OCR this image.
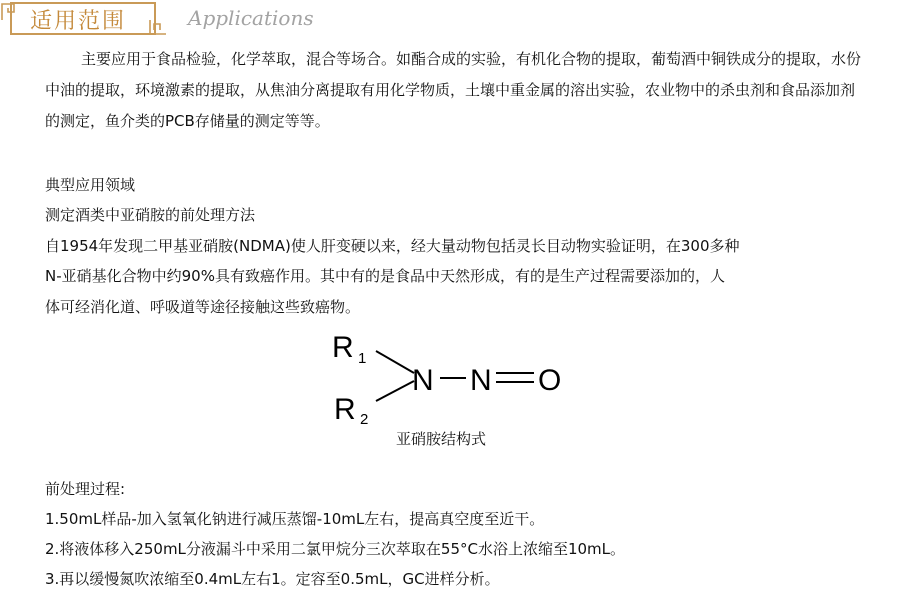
适用范围	Applications

主要应用于食品检验，化学萃取，混合等场合。如酯合成的实验，有机化合物的提取，葡萄酒中铜铁成分的提取，水份中油的提取，环境激素的提取，从焦油分离提取有用化学物质，土壤中重金属的溶出实验，农业物中的杀虫剂和食品添加剂的测定，鱼介类的PCB存储量的测定等等。

典型应用领域

测定酒类中亚硝胺的前处理方法

自1954年发现二甲基亚硝胺(NDMA)使人肝变硬以来，经大量动物包括灵长目动物实验证明，在300多种

N-亚硝基化合物中约90%具有致癌作用。其中有的是食品中天然形成，有的是生产过程需要添加的，人

体可经消化道、呼吸道等途径接触这些致癌物。

R 1
R 2
N N O
亚硝胺结构式

前处理过程:

1.50mL样品-加入氢氧化钠进行减压蒸馏-10mL左右，提高真空度至近干。

2.将液体移入250mL分液漏斗中采用二氯甲烷分三次萃取在55°C水浴上浓缩至10mL。

3.再以缓慢氮吹浓缩至0.4mL左右1。定容至0.5mL，GC进样分析。
